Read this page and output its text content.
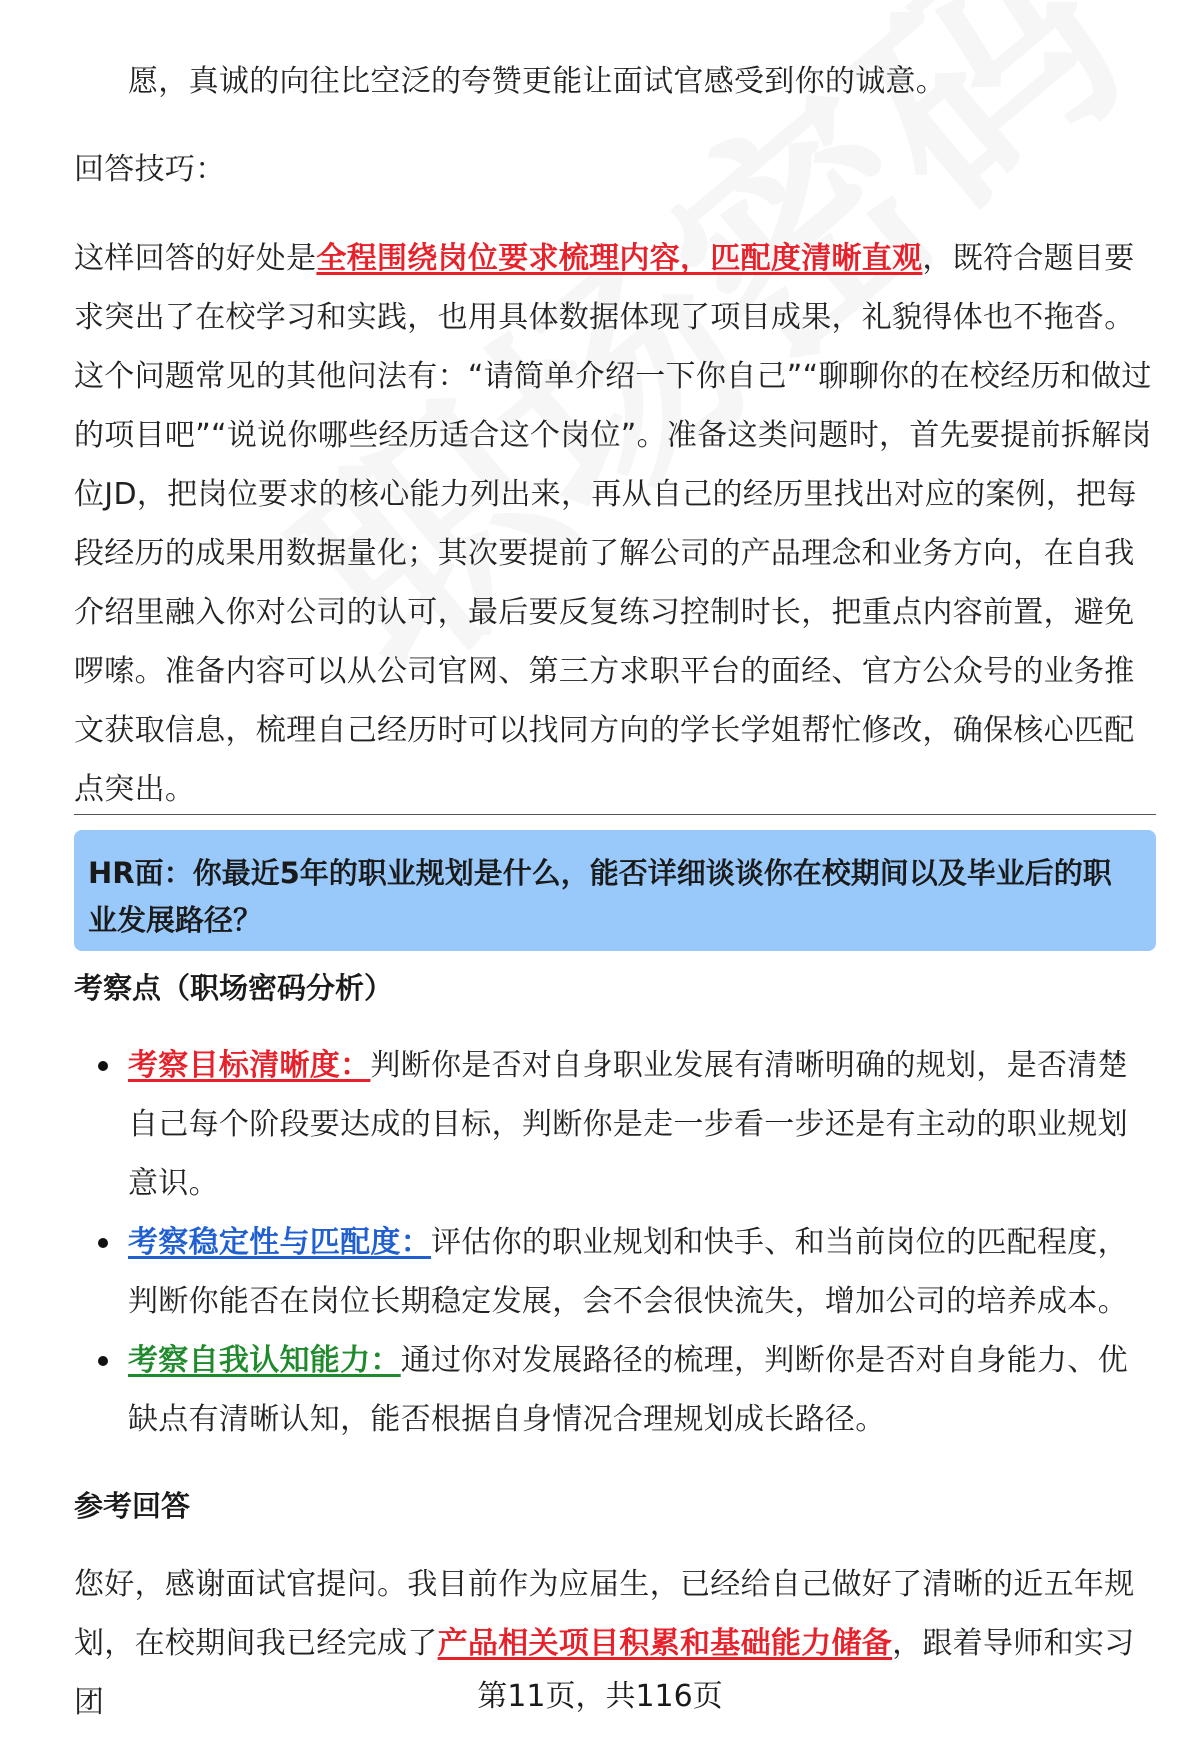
愿，真诚的向往比空泛的夸赞更能让面试官感受到你的诚意。

回答技巧：

这样回答的好处是全程围绕岗位要求梳理内容，匹配度清晰直观，既符合题目要求突出了在校学习和实践，也用具体数据体现了项目成果，礼貌得体也不拖沓。这个问题常见的其他问法有：“请简单介绍一下你自己”“聊聊你的在校经历和做过的项目吧”“说说你哪些经历适合这个岗位”。准备这类问题时，首先要提前拆解岗位JD，把岗位要求的核心能力列出来，再从自己的经历里找出对应的案例，把每段经历的成果用数据量化；其次要提前了解公司的产品理念和业务方向，在自我介绍里融入你对公司的认可，最后要反复练习控制时长，把重点内容前置，避免啰嗦。准备内容可以从公司官网、第三方求职平台的面经、官方公众号的业务推文获取信息，梳理自己经历时可以找同方向的学长学姐帮忙修改，确保核心匹配点突出。

HR面：你最近5年的职业规划是什么，能否详细谈谈你在校期间以及毕业后的职业发展路径？
考察点（职场密码分析）
考察目标清晰度：判断你是否对自身职业发展有清晰明确的规划，是否清楚自己每个阶段要达成的目标，判断你是走一步看一步还是有主动的职业规划意识。
考察稳定性与匹配度：评估你的职业规划和快手、和当前岗位的匹配程度，判断你能否在岗位长期稳定发展，会不会很快流失，增加公司的培养成本。
考察自我认知能力：通过你对发展路径的梳理，判断你是否对自身能力、优缺点有清晰认知，能否根据自身情况合理规划成长路径。
参考回答

您好，感谢面试官提问。我目前作为应届生，已经给自己做好了清晰的近五年规划，在校期间我已经完成了产品相关项目积累和基础能力储备，跟着导师和实习团	第11页，共116页
